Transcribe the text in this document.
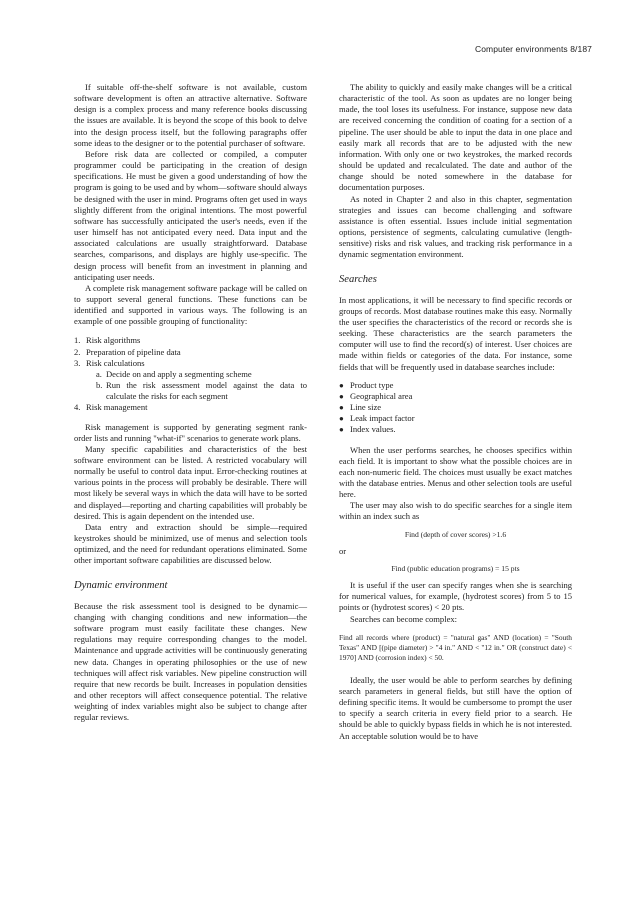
Computer environments 8/187

If suitable off-the-shelf software is not available, custom software development is often an attractive alternative. Software design is a complex process and many reference books discussing the issues are available. It is beyond the scope of this book to delve into the design process itself, but the following paragraphs offer some ideas to the designer or to the potential purchaser of software.

Before risk data are collected or compiled, a computer programmer could be participating in the creation of design specifications. He must be given a good understanding of how the program is going to be used and by whom—software should always be designed with the user in mind. Programs often get used in ways slightly different from the original intentions. The most powerful software has successfully anticipated the user's needs, even if the user himself has not anticipated every need. Data input and the associated calculations are usually straightforward. Database searches, comparisons, and displays are highly use-specific. The design process will benefit from an investment in planning and anticipating user needs.

A complete risk management software package will be called on to support several general functions. These functions can be identified and supported in various ways. The following is an example of one possible grouping of functionality:

1. Risk algorithms
2. Preparation of pipeline data
3. Risk calculations
a. Decide on and apply a segmenting scheme
b. Run the risk assessment model against the data to calculate the risks for each segment
4. Risk management

Risk management is supported by generating segment rank-order lists and running "what-if" scenarios to generate work plans.

Many specific capabilities and characteristics of the best software environment can be listed. A restricted vocabulary will normally be useful to control data input. Error-checking routines at various points in the process will probably be desirable. There will most likely be several ways in which the data will have to be sorted and displayed—reporting and charting capabilities will probably be desired. This is again dependent on the intended use.

Data entry and extraction should be simple—required keystrokes should be minimized, use of menus and selection tools optimized, and the need for redundant operations eliminated. Some other important software capabilities are discussed below.

Dynamic environment

Because the risk assessment tool is designed to be dynamic—changing with changing conditions and new information—the software program must easily facilitate these changes. New regulations may require corresponding changes to the model. Maintenance and upgrade activities will be continuously generating new data. Changes in operating philosophies or the use of new techniques will affect risk variables. New pipeline construction will require that new records be built. Increases in population densities and other receptors will affect consequence potential. The relative weighting of index variables might also be subject to change after regular reviews.

The ability to quickly and easily make changes will be a critical characteristic of the tool. As soon as updates are no longer being made, the tool loses its usefulness. For instance, suppose new data are received concerning the condition of coating for a section of a pipeline. The user should be able to input the data in one place and easily mark all records that are to be adjusted with the new information. With only one or two keystrokes, the marked records should be updated and recalculated. The date and author of the change should be noted somewhere in the database for documentation purposes.

As noted in Chapter 2 and also in this chapter, segmentation strategies and issues can become challenging and software assistance is often essential. Issues include initial segmentation options, persistence of segments, calculating cumulative (length-sensitive) risks and risk values, and tracking risk performance in a dynamic segmentation environment.

Searches

In most applications, it will be necessary to find specific records or groups of records. Most database routines make this easy. Normally the user specifies the characteristics of the record or records she is seeking. These characteristics are the search parameters the computer will use to find the record(s) of interest. User choices are made within fields or categories of the data. For instance, some fields that will be frequently used in database searches include:

● Product type
● Geographical area
● Line size
● Leak impact factor
● Index values.

When the user performs searches, he chooses specifics within each field. It is important to show what the possible choices are in each non-numeric field. The choices must usually be exact matches with the database entries. Menus and other selection tools are useful here.

The user may also wish to do specific searches for a single item within an index such as

Find (depth of cover scores) >1.6
or
Find (public education programs) = 15 pts

It is useful if the user can specify ranges when she is searching for numerical values, for example, (hydrotest scores) from 5 to 15 points or (hydrotest scores) < 20 pts.

Searches can become complex:

Find all records where (product) = "natural gas" AND (location) = "South Texas" AND [(pipe diameter) > "4 in." AND < "12 in." OR (construct date) < 1970] AND (corrosion index) < 50.

Ideally, the user would be able to perform searches by defining search parameters in general fields, but still have the option of defining specific items. It would be cumbersome to prompt the user to specify a search criteria in every field prior to a search. He should be able to quickly bypass fields in which he is not interested. An acceptable solution would be to have
